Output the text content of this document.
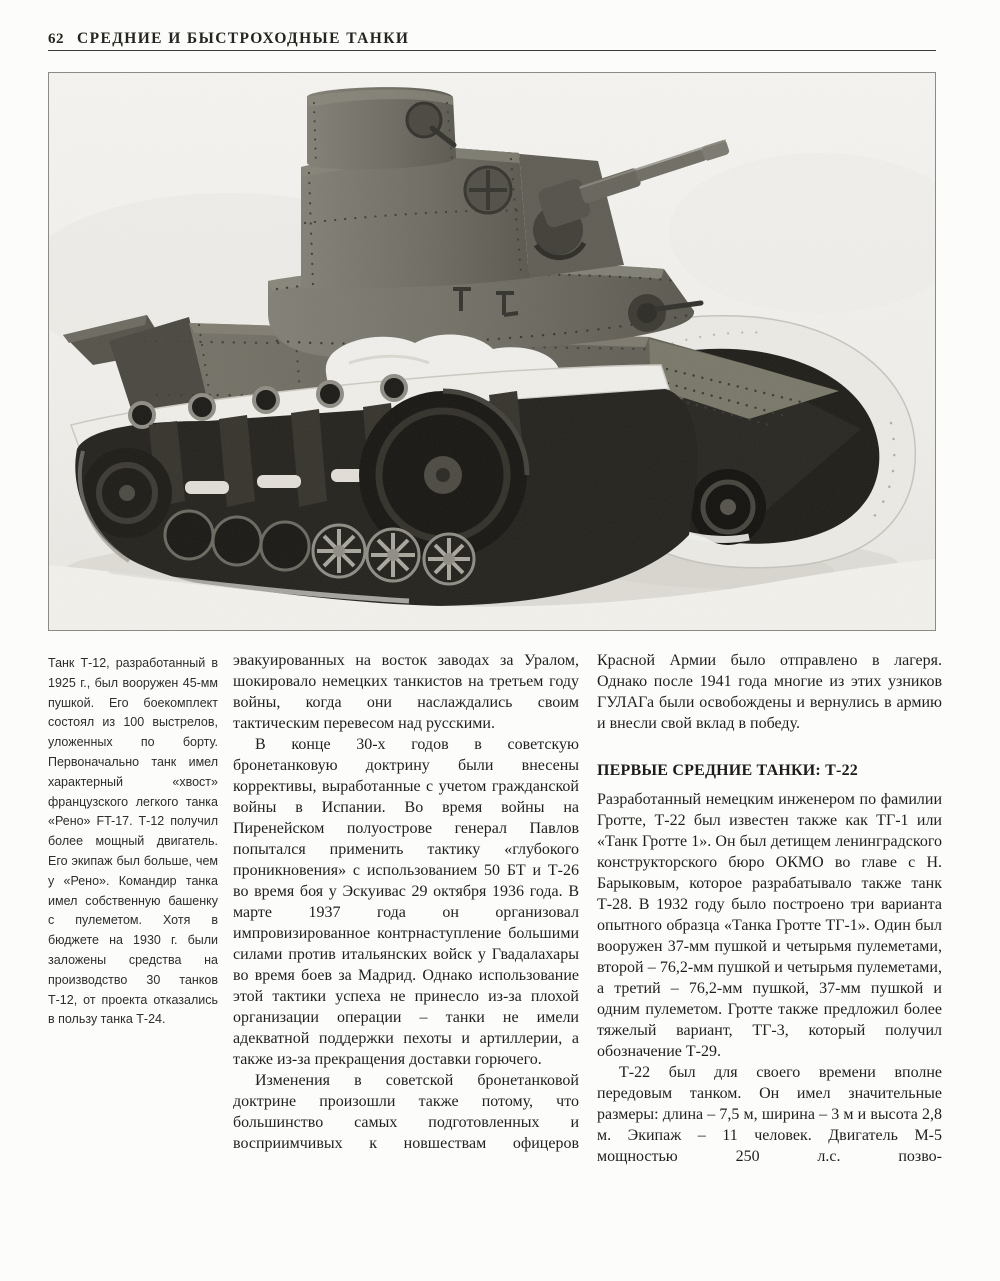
62 СРЕДНИЕ И БЫСТРОХОДНЫЕ ТАНКИ

Танк Т-12, разработанный в 1925 г., был вооружен 45-мм пушкой. Его боекомплект состоял из 100 выстрелов, уложенных по борту. Первоначально танк имел характерный «хвост» французского легкого танка «Рено» FT-17. Т-12 получил более мощный двигатель. Его экипаж был больше, чем у «Рено». Командир танка имел собственную башенку с пулеметом. Хотя в бюджете на 1930 г. были заложены средства на производство 30 танков Т-12, от проекта отказались в пользу танка Т-24.

эвакуированных на восток заводах за Уралом, шокировало немецких танкистов на третьем году войны, когда они наслаждались своим тактическим перевесом над русскими.

В конце 30-х годов в советскую бронетанковую доктрину были внесены коррективы, выработанные с учетом гражданской войны в Испании. Во время войны на Пиренейском полуострове генерал Павлов попытался применить тактику «глубокого проникновения» с использованием 50 БТ и Т-26 во время боя у Эскуивас 29 октября 1936 года. В марте 1937 года он организовал импровизированное контрнаступление большими силами против итальянских войск у Гвадалахары во время боев за Мадрид. Однако использование этой тактики успеха не принесло из-за плохой организации операции – танки не имели адекватной поддержки пехоты и артиллерии, а также из-за прекращения доставки горючего.

Изменения в советской бронетанковой доктрине произошли также потому, что большинство самых подготовленных и восприимчивых к новшествам офицеров

Красной Армии было отправлено в лагеря. Однако после 1941 года многие из этих узников ГУЛАГа были освобождены и вернулись в армию и внесли свой вклад в победу.

ПЕРВЫЕ СРЕДНИЕ ТАНКИ: Т-22

Разработанный немецким инженером по фамилии Гротте, Т-22 был известен также как ТГ-1 или «Танк Гротте 1». Он был детищем ленинградского конструкторского бюро ОКМО во главе с Н. Барыковым, которое разрабатывало также танк Т-28. В 1932 году было построено три варианта опытного образца «Танка Гротте ТГ-1». Один был вооружен 37-мм пушкой и четырьмя пулеметами, второй – 76,2-мм пушкой и четырьмя пулеметами, а третий – 76,2-мм пушкой, 37-мм пушкой и одним пулеметом. Гротте также предложил более тяжелый вариант, ТГ-3, который получил обозначение Т-29.

Т-22 был для своего времени вполне передовым танком. Он имел значительные размеры: длина – 7,5 м, ширина – 3 м и высота 2,8 м. Экипаж – 11 человек. Двигатель М-5 мощностью 250 л.с. позво-
